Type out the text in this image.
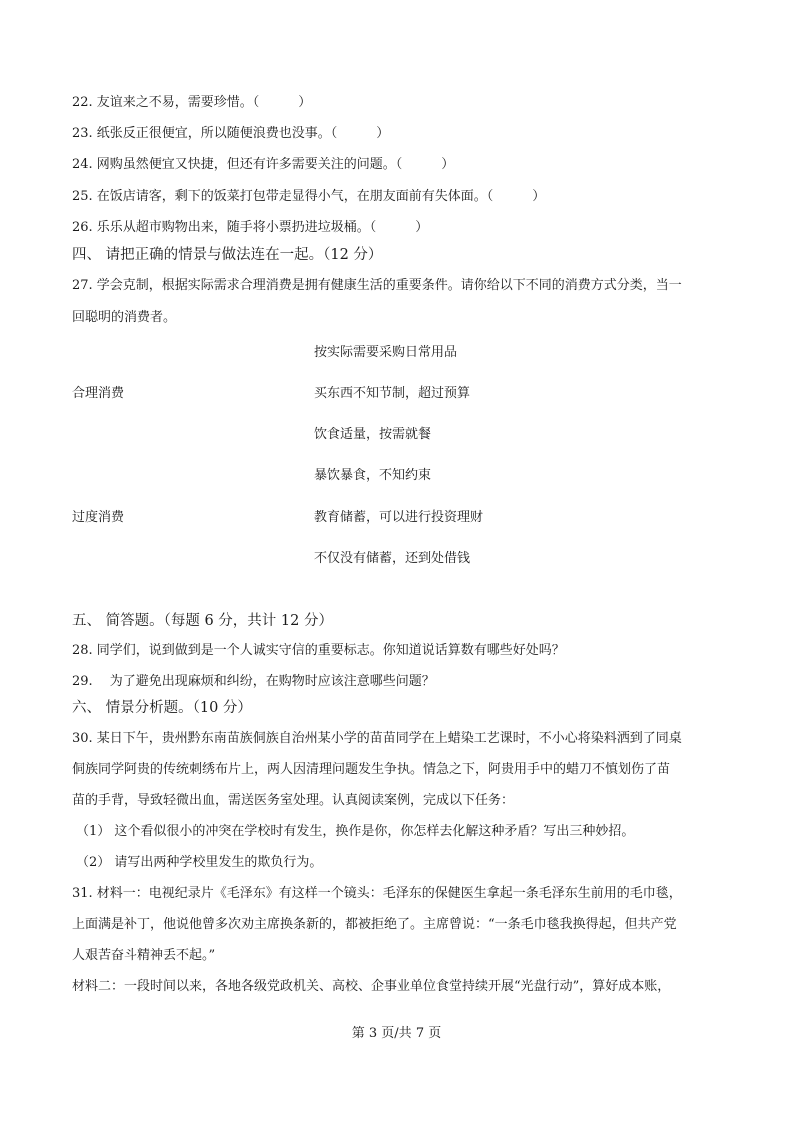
22. 友谊来之不易，需要珍惜。（　　　）
23. 纸张反正很便宜，所以随便浪费也没事。（　　　）
24. 网购虽然便宜又快捷，但还有许多需要关注的问题。（　　　）
25. 在饭店请客，剩下的饭菜打包带走显得小气，在朋友面前有失体面。（　　　）
26. 乐乐从超市购物出来，随手将小票扔进垃圾桶。（　　　）
四、 请把正确的情景与做法连在一起。（12 分）
27. 学会克制，根据实际需求合理消费是拥有健康生活的重要条件。请你给以下不同的消费方式分类，当一
回聪明的消费者。
按实际需要采购日常用品
合理消费	买东西不知节制，超过预算
饮食适量，按需就餐
暴饮暴食，不知约束
过度消费	教育储蓄，可以进行投资理财
不仅没有储蓄，还到处借钱
五、 简答题。（每题 6 分，共计 12 分）
28. 同学们，说到做到是一个人诚实守信的重要标志。你知道说话算数有哪些好处吗？
29.　 为了避免出现麻烦和纠纷，在购物时应该注意哪些问题？
六、 情景分析题。（10 分）
30. 某日下午，贵州黔东南苗族侗族自治州某小学的苗苗同学在上蜡染工艺课时，不小心将染料洒到了同桌
侗族同学阿贵的传统刺绣布片上，两人因清理问题发生争执。情急之下，阿贵用手中的蜡刀不慎划伤了苗
苗的手背，导致轻微出血，需送医务室处理。认真阅读案例，完成以下任务：
（1） 这个看似很小的冲突在学校时有发生，换作是你，你怎样去化解这种矛盾？写出三种妙招。
（2） 请写出两种学校里发生的欺负行为。
31. 材料一：电视纪录片《毛泽东》有这样一个镜头：毛泽东的保健医生拿起一条毛泽东生前用的毛巾毯，
上面满是补丁，他说他曾多次劝主席换条新的，都被拒绝了。主席曾说：“一条毛巾毯我换得起，但共产党
人艰苦奋斗精神丢不起。”
材料二：一段时间以来，各地各级党政机关、高校、企事业单位食堂持续开展“光盘行动”，算好成本账，
第 3 页/共 7 页
